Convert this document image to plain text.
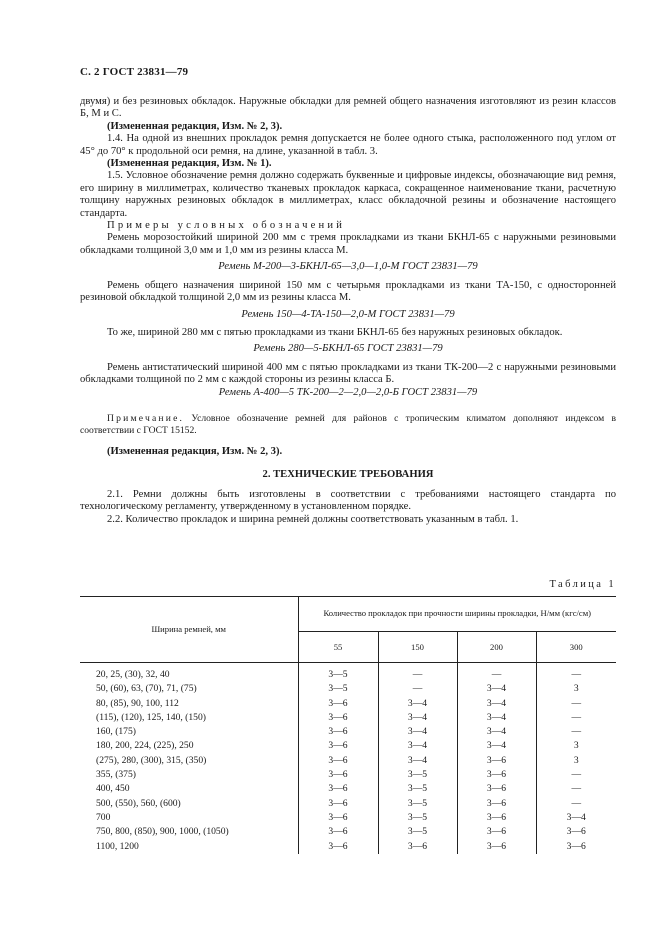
С. 2 ГОСТ 23831—79

двумя) и без резиновых обкладок. Наружные обкладки для ремней общего назначения изготовляют из резин классов Б, М и С.

(Измененная редакция, Изм. № 2, 3).

1.4. На одной из внешних прокладок ремня допускается не более одного стыка, расположенного под углом от 45° до 70° к продольной оси ремня, на длине, указанной в табл. 3.

(Измененная редакция, Изм. № 1).

1.5. Условное обозначение ремня должно содержать буквенные и цифровые индексы, обозначающие вид ремня, его ширину в миллиметрах, количество тканевых прокладок каркаса, сокращенное наименование ткани, расчетную толщину наружных резиновых обкладок в миллиметрах, класс обкладочной резины и обозначение настоящего стандарта.

Примеры условных обозначений

Ремень морозостойкий шириной 200 мм с тремя прокладками из ткани БКНЛ-65 с наружными резиновыми обкладками толщиной 3,0 мм и 1,0 мм из резины класса М.

Ремень М-200—3-БКНЛ-65—3,0—1,0-М ГОСТ 23831—79

Ремень общего назначения шириной 150 мм с четырьмя прокладками из ткани ТА-150, с односторонней резиновой обкладкой толщиной 2,0 мм из резины класса М.

Ремень 150—4-ТА-150—2,0-М ГОСТ 23831—79

То же, шириной 280 мм с пятью прокладками из ткани БКНЛ-65 без наружных резиновых обкладок.

Ремень 280—5-БКНЛ-65 ГОСТ 23831—79

Ремень антистатический шириной 400 мм с пятью прокладками из ткани ТК-200—2 с наружными резиновыми обкладками толщиной по 2 мм с каждой стороны из резины класса Б.

Ремень А-400—5 ТК-200—2—2,0—2,0-Б ГОСТ 23831—79

Примечание. Условное обозначение ремней для районов с тропическим климатом дополняют индексом в соответствии с ГОСТ 15152.

(Измененная редакция, Изм. № 2, 3).

2. ТЕХНИЧЕСКИЕ ТРЕБОВАНИЯ

2.1. Ремни должны быть изготовлены в соответствии с требованиями настоящего стандарта по технологическому регламенту, утвержденному в установленном порядке.

2.2. Количество прокладок и ширина ремней должны соответствовать указанным в табл. 1.

Таблица 1
Ширина ремней, мм	Количество прокладок при прочности ширины прокладки, Н/мм (кгс/см)			
	55	150	200	300
20, 25, (30), 32, 40	3—5	—	—	—
50, (60), 63, (70), 71, (75)	3—5	—	3—4	3
80, (85), 90, 100, 112	3—6	3—4	3—4	—
(115), (120), 125, 140, (150)	3—6	3—4	3—4	—
160, (175)	3—6	3—4	3—4	—
180, 200, 224, (225), 250	3—6	3—4	3—4	3
(275), 280, (300), 315, (350)	3—6	3—4	3—6	3
355, (375)	3—6	3—5	3—6	—
400, 450	3—6	3—5	3—6	—
500, (550), 560, (600)	3—6	3—5	3—6	—
700	3—6	3—5	3—6	3—4
750, 800, (850), 900, 1000, (1050)	3—6	3—5	3—6	3—6
1100, 1200	3—6	3—6	3—6	3—6
